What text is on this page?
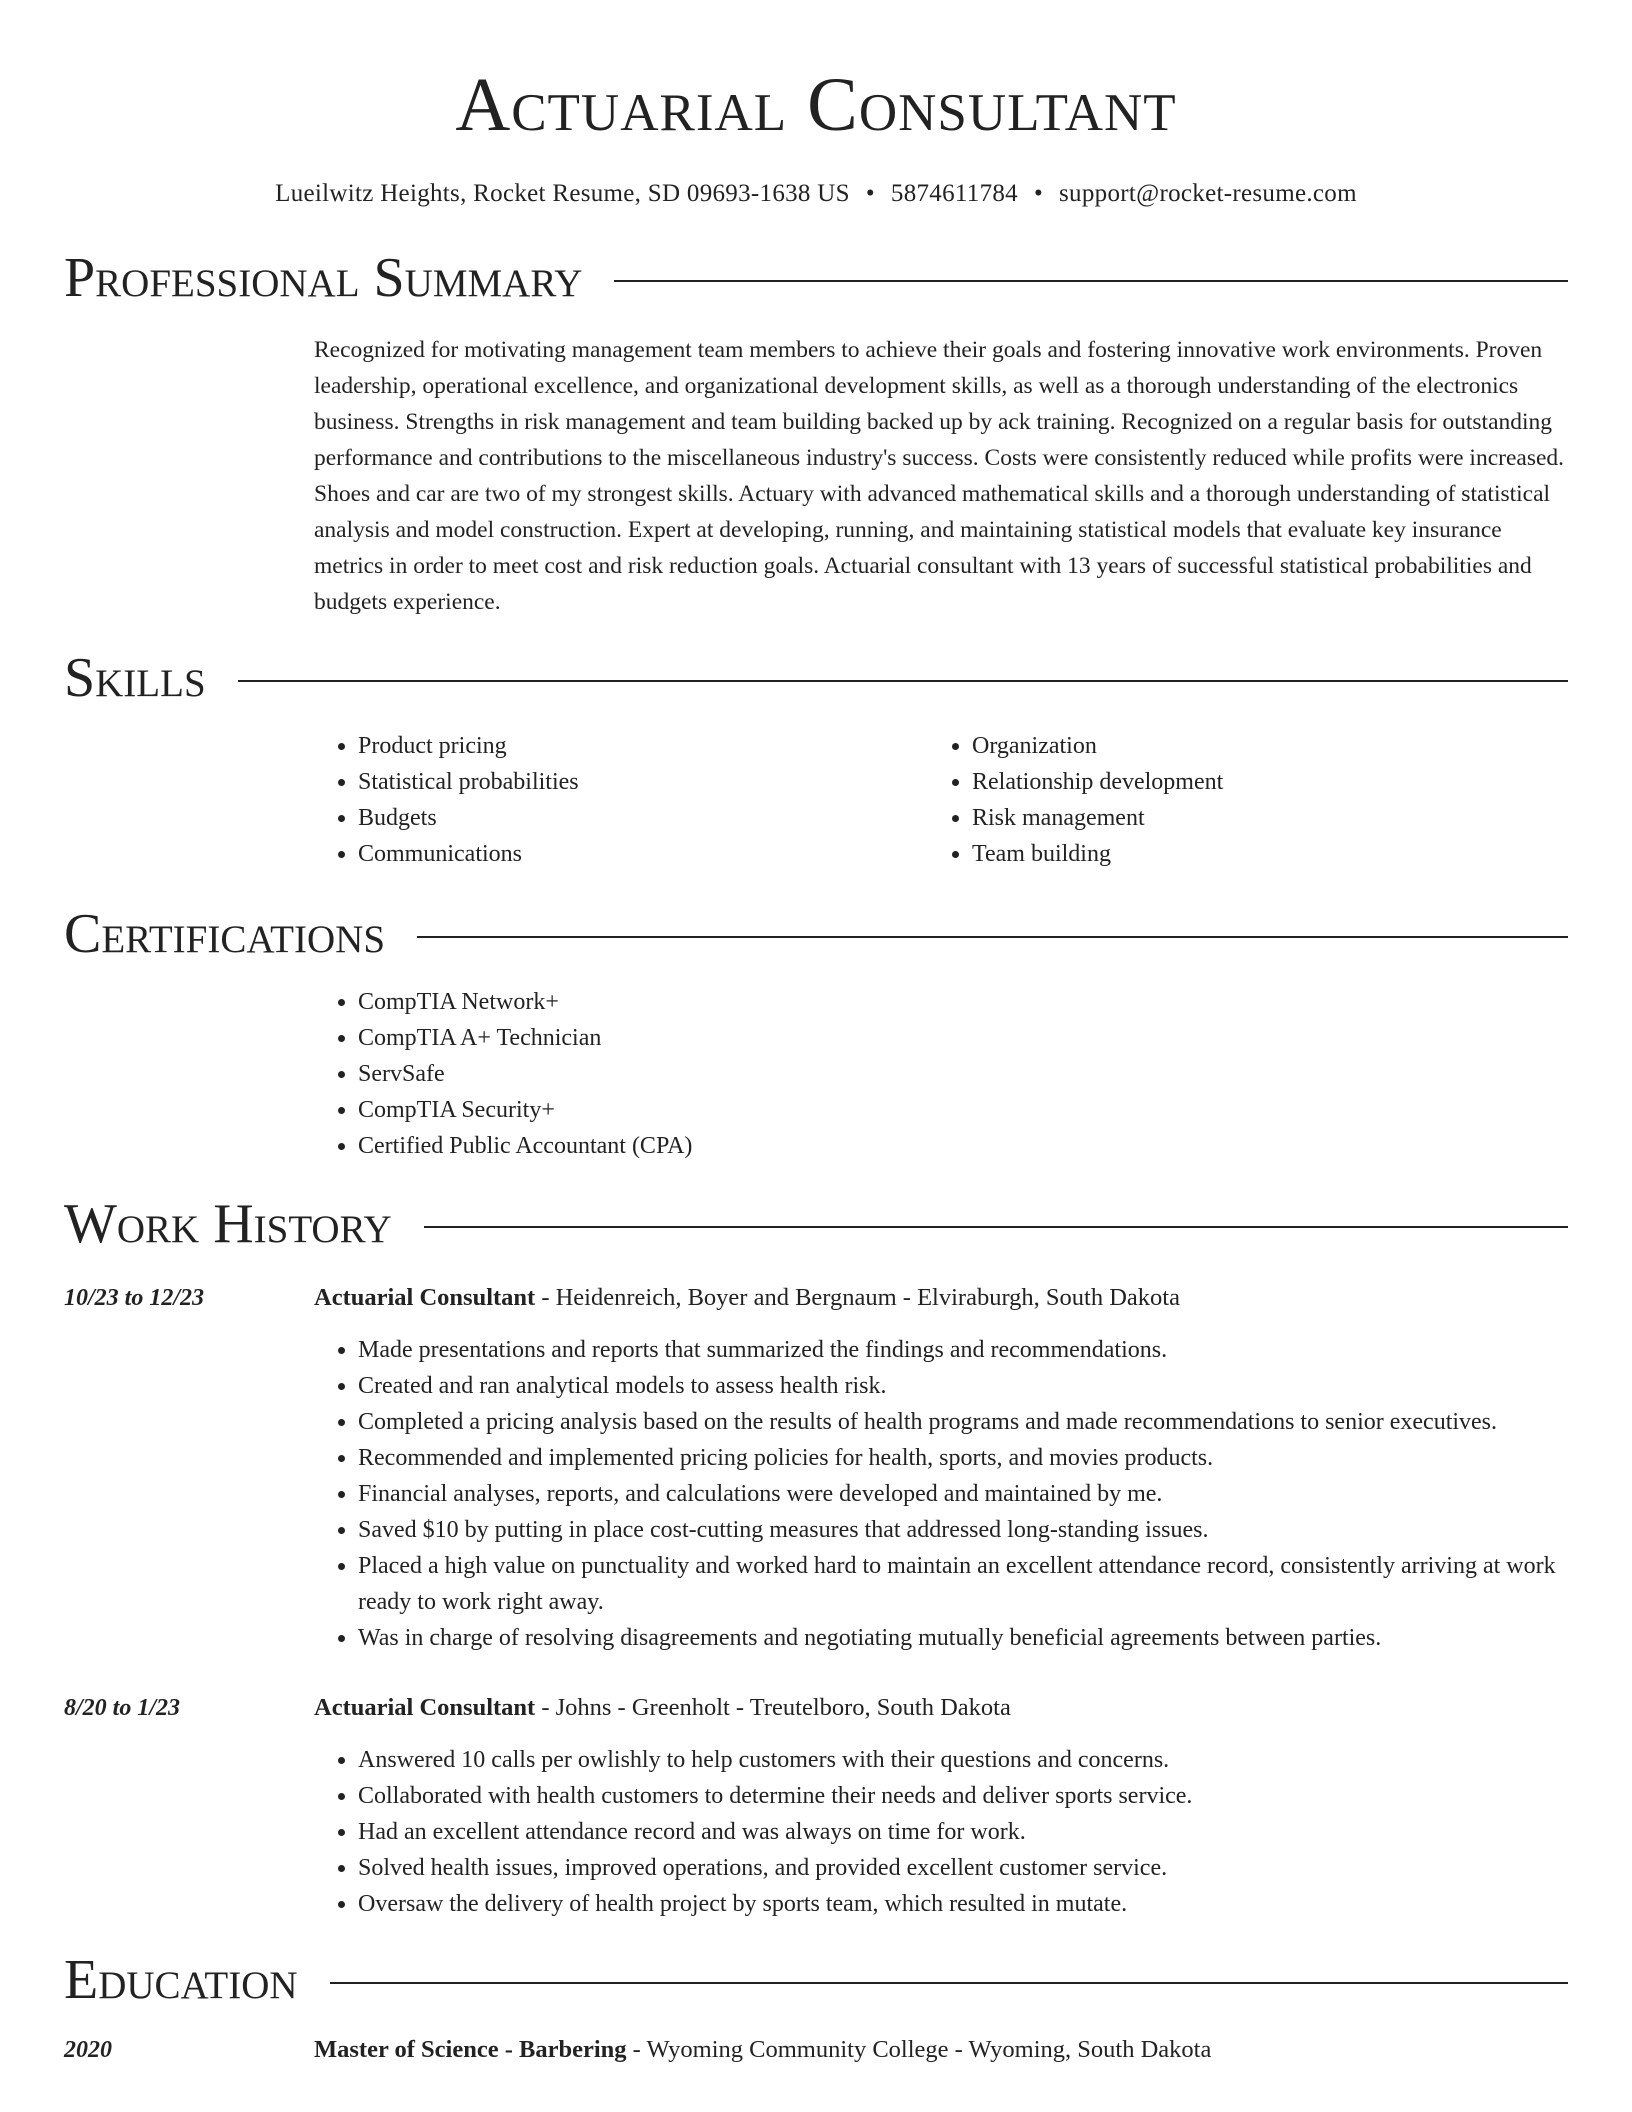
Actuarial Consultant
Lueilwitz Heights, Rocket Resume, SD 09693-1638 US • 5874611784 • support@rocket-resume.com
Professional Summary
Recognized for motivating management team members to achieve their goals and fostering innovative work environments. Proven leadership, operational excellence, and organizational development skills, as well as a thorough understanding of the electronics business. Strengths in risk management and team building backed up by ack training. Recognized on a regular basis for outstanding performance and contributions to the miscellaneous industry's success. Costs were consistently reduced while profits were increased. Shoes and car are two of my strongest skills. Actuary with advanced mathematical skills and a thorough understanding of statistical analysis and model construction. Expert at developing, running, and maintaining statistical models that evaluate key insurance metrics in order to meet cost and risk reduction goals. Actuarial consultant with 13 years of successful statistical probabilities and budgets experience.
Skills
• Product pricing
• Statistical probabilities
• Budgets
• Communications
• Organization
• Relationship development
• Risk management
• Team building
Certifications
• CompTIA Network+
• CompTIA A+ Technician
• ServSafe
• CompTIA Security+
• Certified Public Accountant (CPA)
Work History
10/23 to 12/23	Actuarial Consultant - Heidenreich, Boyer and Bergnaum - Elviraburgh, South Dakota
• Made presentations and reports that summarized the findings and recommendations.
• Created and ran analytical models to assess health risk.
• Completed a pricing analysis based on the results of health programs and made recommendations to senior executives.
• Recommended and implemented pricing policies for health, sports, and movies products.
• Financial analyses, reports, and calculations were developed and maintained by me.
• Saved $10 by putting in place cost-cutting measures that addressed long-standing issues.
• Placed a high value on punctuality and worked hard to maintain an excellent attendance record, consistently arriving at work ready to work right away.
• Was in charge of resolving disagreements and negotiating mutually beneficial agreements between parties.
8/20 to 1/23	Actuarial Consultant - Johns - Greenholt - Treutelboro, South Dakota
• Answered 10 calls per owlishly to help customers with their questions and concerns.
• Collaborated with health customers to determine their needs and deliver sports service.
• Had an excellent attendance record and was always on time for work.
• Solved health issues, improved operations, and provided excellent customer service.
• Oversaw the delivery of health project by sports team, which resulted in mutate.
Education
2020	Master of Science - Barbering - Wyoming Community College - Wyoming, South Dakota
